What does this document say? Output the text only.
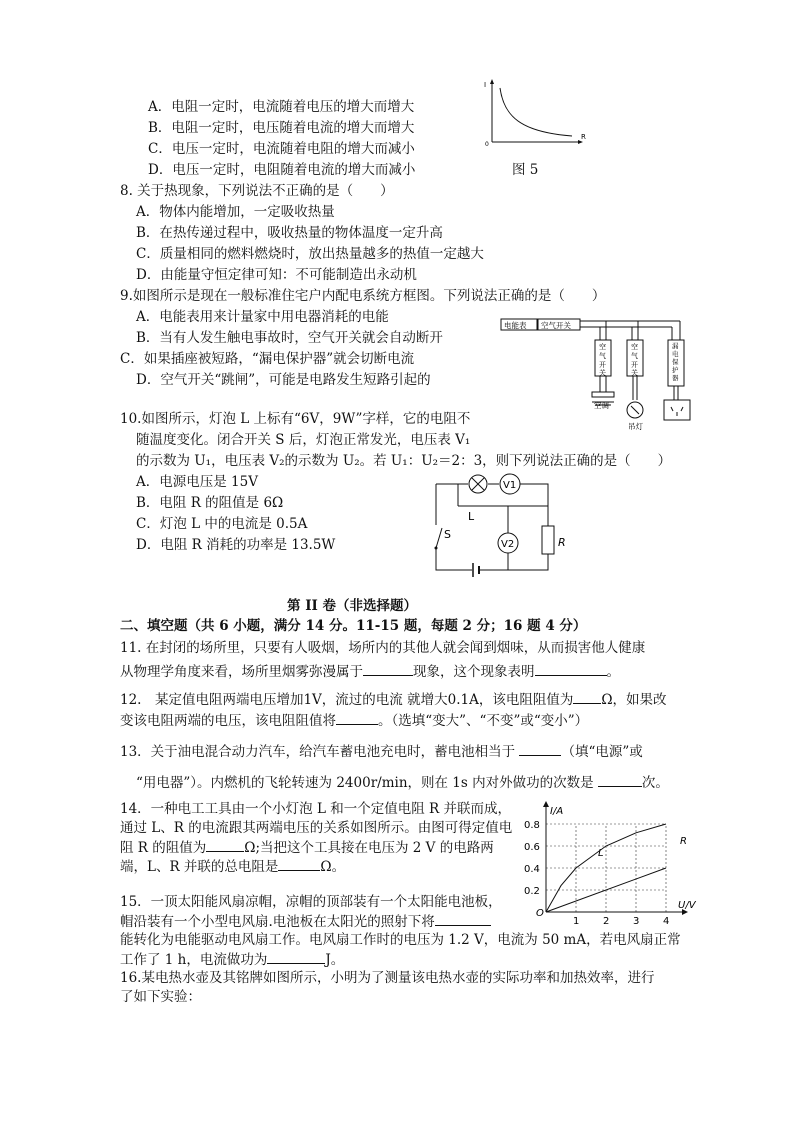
A．电阻一定时，电流随着电压的增大而增大
B．电阻一定时，电压随着电流的增大而增大
C．电压一定时，电流随着电阻的增大而减小
D．电压一定时，电阻随着电流的增大而减小
I
R
0
图 5
8. 关于热现象，下列说法不正确的是（　　）
A．物体内能增加，一定吸收热量
B．在热传递过程中，吸收热量的物体温度一定升高
C．质量相同的燃料燃烧时，放出热量越多的热值一定越大
D．由能量守恒定律可知：不可能制造出永动机
9.如图所示是现在一般标准住宅户内配电系统方框图。下列说法正确的是（　　）
A．电能表用来计量家中用电器消耗的电能
B．当有人发生触电事故时，空气开关就会自动断开
C．如果插座被短路，“漏电保护器”就会切断电流
D．空气开关“跳闸”，可能是电路发生短路引起的
电能表 空气开关
空
气
开
关
空调
空
气
开
关
吊灯
漏
电
保
护
器
10.如图所示，灯泡 L 上标有“6V，9W”字样，它的电阻不
随温度变化。闭合开关 S 后，灯泡正常发光，电压表 V₁
的示数为 U₁，电压表 V₂的示数为 U₂。若 U₁：U₂＝2：3，则下列说法正确的是（　　）
A．电源电压是 15V
B．电阻 R 的阻值是 6Ω
C．灯泡 L 中的电流是 0.5A
D．电阻 R 消耗的功率是 13.5W
V1
L
V2	R
S
第 II 卷（非选择题）
二、填空题（共 6 小题，满分 14 分。11-15 题，每题 2 分；16 题 4 分）
11. 在封闭的场所里，只要有人吸烟，场所内的其他人就会闻到烟味，从而损害他人健康
从物理学角度来看，场所里烟雾弥漫属于	现象，这个现象表明	。
12.　某定值电阻两端电压增加1V，流过的电流 就增大0.1A，该电阻阻值为 Ω，如果改
变该电阻两端的电压，该电阻阻值将	。（选填“变大”、“不变”或“变小”）
13．关于油电混合动力汽车，给汽车蓄电池充电时，蓄电池相当于	（填“电源”或
“用电器”）。内燃机的飞轮转速为 2400r/min，则在 1s 内对外做功的次数是	次。
14．一种电工工具由一个小灯泡 L 和一个定值电阻 R 并联而成，
通过 L、R 的电流跟其两端电压的关系如图所示。由图可得定值电
阻 R 的阻值为	Ω;当把这个工具接在电压为 2 V 的电路两
端，L、R 并联的总电阻是	Ω。
1 2 3 4
0.2
0.4
0.6
0.8
I/A
U/V
O
L
R
15．一顶太阳能风扇凉帽，凉帽的顶部装有一个太阳能电池板，
帽沿装有一个小型电风扇.电池板在太阳光的照射下将
能转化为电能驱动电风扇工作。电风扇工作时的电压为 1.2 V，电流为 50 mA，若电风扇正常
工作了 1 h，电流做功为	J。
16.某电热水壶及其铭牌如图所示，小明为了测量该电热水壶的实际功率和加热效率，进行
了如下实验：
